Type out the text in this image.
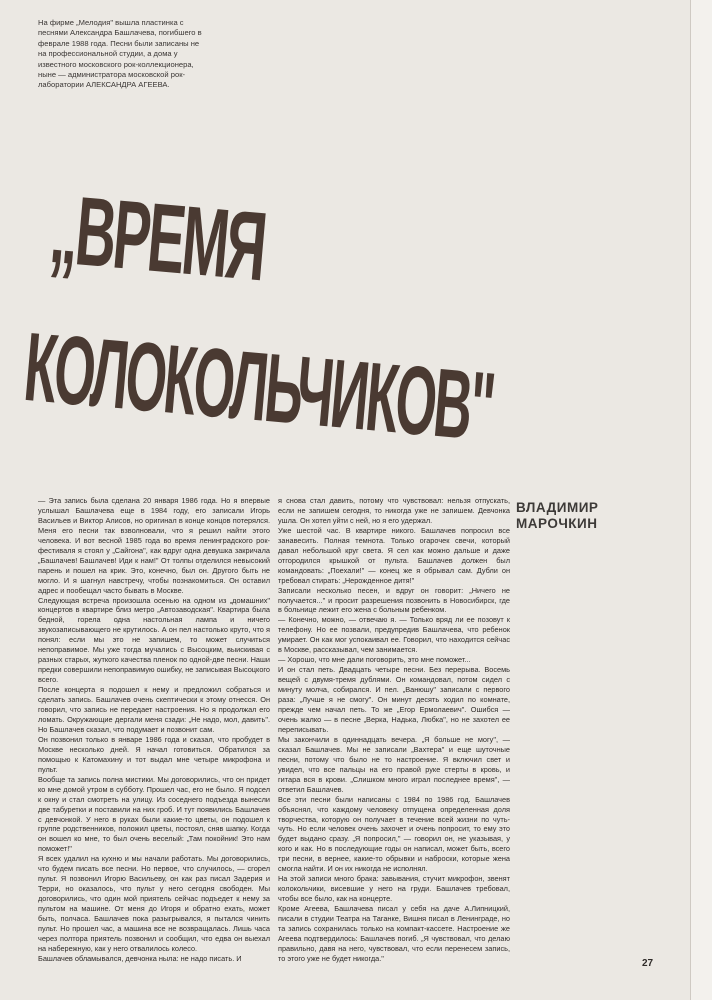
На фирме „Мелодия" вышла пластинка с песнями Александра Башлачева, погибшего в феврале 1988 года. Песни были записаны не на профессиональной студии, а дома у известного московского рок-коллекционера, ныне — администратора московской рок-лаборатории АЛЕКСАНДРА АГЕЕВА.

„ВРЕМЯ
КОЛОКОЛЬЧИКОВ"
ВЛАДИМИР
МАРОЧКИН

— Эта запись была сделана 20 января 1986 года. Но я впервые услышал Башлачева еще в 1984 году, его записали Игорь Васильев и Виктор Алисов, но оригинал в конце концов потерялся. Меня его песни так взволновали, что я решил найти этого человека. И вот весной 1985 года во время ленинградского рок-фестиваля я стоял у „Сайгона", как вдруг одна девушка закричала „Башлачев! Башлачев! Иди к нам!" От толпы отделился невысокий парень и пошел на крик. Это, конечно, был он. Другого быть не могло. И я шагнул навстречу, чтобы познакомиться. Он оставил адрес и пообещал часто бывать в Москве.

Следующая встреча произошла осенью на одном из „домашних" концертов в квартире близ метро „Автозаводская". Квартира была бедной, горела одна настольная лампа и ничего звукозаписывающего не крутилось. А он пел настолько круто, что я понял: если мы это не запишем, то может случиться непоправимое. Мы уже тогда мучались с Высоцким, выискивая с разных старых, жуткого качества пленок по одной-две песни. Наши предки совершили непоправимую ошибку, не записывая Высоцкого всего.

После концерта я подошел к нему и предложил собраться и сделать запись. Башлачев очень скептически к этому отнесся. Он говорил, что запись не передает настроения. Но я продолжал его ломать. Окружающие дергали меня сзади: „Не надо, мол, давить". Но Башлачев сказал, что подумает и позвонит сам.

Он позвонил только в январе 1986 года и сказал, что пробудет в Москве несколько дней. Я начал готовиться. Обратился за помощью к Катомахину и тот выдал мне четыре микрофона и пульт.

Вообще та запись полна мистики. Мы договорились, что он придет ко мне домой утром в субботу. Прошел час, его не было. Я подсел к окну и стал смотреть на улицу. Из соседнего подъезда вынесли две табуретки и поставили на них гроб. И тут появились Башлачев с девчонкой. У него в руках были какие-то цветы, он подошел к группе родственников, положил цветы, постоял, сняв шапку. Когда он вошел ко мне, то был очень веселый: „Там покойник! Это нам поможет!"

Я всех удалил на кухню и мы начали работать. Мы договорились, что будем писать все песни. Но первое, что случилось, — сгорел пульт. Я позвонил Игорю Васильеву, он как раз писал Задерия и Терри, но оказалось, что пульт у него сегодня свободен. Мы договорились, что один мой приятель сейчас подъедет к нему за пультом на машине. От меня до Игоря и обратно ехать, может быть, полчаса. Башлачев пока разыгрывался, я пытался чинить пульт. Но прошел час, а машина все не возвращалась. Лишь часа через полтора приятель позвонил и сообщил, что едва он выехал на набережную, как у него отвалилось колесо.

Башлачев обламывался, девчонка ныла: не надо писать. И

я снова стал давить, потому что чувствовал: нельзя отпускать, если не запишем сегодня, то никогда уже не запишем. Девчонка ушла. Он хотел уйти с ней, но я его удержал.

Уже шестой час. В квартире никого. Башлачев попросил все занавесить. Полная темнота. Только огарочек свечи, который давал небольшой круг света. Я сел как можно дальше и даже отгородился крышкой от пульта. Башлачев должен был командовать: „Поехали!" — конец же я обрывал сам. Дубли он требовал стирать: „Нерожденное дитя!"

Записали несколько песен, и вдруг он говорит: „Ничего не получается..." и просит разрешения позвонить в Новосибирск, где в больнице лежит его жена с больным ребенком.

— Конечно, можно, — отвечаю я. — Только вряд ли ее позовут к телефону. Но ее позвали, предупредив Башлачева, что ребенок умирает. Он как мог успокаивал ее. Говорил, что находится сейчас в Москве, рассказывал, чем занимается.

— Хорошо, что мне дали поговорить, это мне поможет...

И он стал петь. Двадцать четыре песни. Без перерыва. Восемь вещей с двумя-тремя дублями. Он командовал, потом сидел с минуту молча, собирался. И пел. „Ванюшу" записали с первого раза: „Лучше я не смогу". Он минут десять ходил по комнате, прежде чем начал петь. То же „Егор Ермолаевич". Ошибся — очень жалко — в песне „Верка, Надька, Любка", но не захотел ее переписывать.

Мы закончили в одиннадцать вечера. „Я больше не могу", — сказал Башлачев. Мы не записали „Вахтера" и еще шуточные песни, потому что было не то настроение. Я включил свет и увидел, что все пальцы на его правой руке стерты в кровь, и гитара вся в крови. „Слишком много играл последнее время", — ответил Башлачев.

Все эти песни были написаны с 1984 по 1986 год. Башлачев объяснял, что каждому человеку отпущена определенная доля творчества, которую он получает в течение всей жизни по чуть-чуть. Но если человек очень захочет и очень попросит, то ему это будет выдано сразу. „Я попросил," — говорил он, не указывая, у кого и как. Но в последующие годы он написал, может быть, всего три песни, в вернее, какие-то обрывки и наброски, которые жена смогла найти. И он их никогда не исполнял.

На этой записи много брака: завывания, стучит микрофон, звенят колокольчики, висевшие у него на груди. Башлачев требовал, чтобы все было, как на концерте.

Кроме Агеева, Башлачева писал у себя на даче А.Липницкий, писали в студии Театра на Таганке, Вишня писал в Ленинграде, но та запись сохранилась только на компакт-кассете. Настроение же Агеева подтвердилось: Башлачев погиб. „Я чувствовал, что делаю правильно, давя на него, чувствовал, что если перенесем запись, то этого уже не будет никогда."	27
